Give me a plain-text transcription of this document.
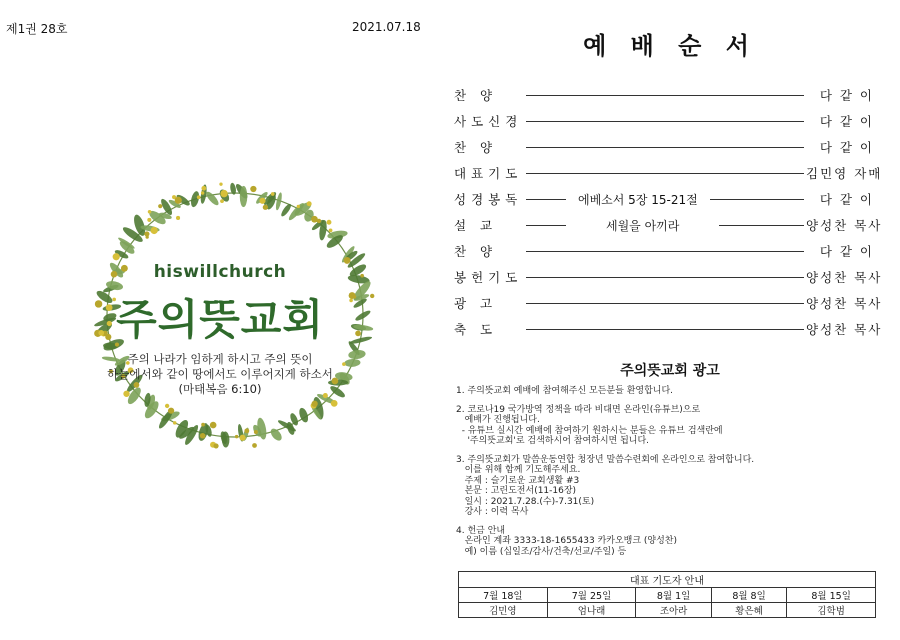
제1권 28호	2021.07.18
hiswillchurch
주의뜻교회
주의 나라가 임하게 하시고 주의 뜻이
하늘에서와 같이 땅에서도 이루어지게 하소서
(마태복음 6:10)
예 배 순 서
찬 양	다 같 이
사도신경	다 같 이
찬 양	다 같 이
대표기도	김민영 자매
성경봉독	에베소서 5장 15-21절	다 같 이
설 교	세월을 아끼라	양성찬 목사
찬 양	다 같 이
봉헌기도	양성찬 목사
광 고	양성찬 목사
축 도	양성찬 목사
주의뜻교회 광고
1. 주의뜻교회 예배에 참여해주신 모든분들 환영합니다.
2. 코로나19 국가방역 정책을 따라 비대면 온라인(유튜브)으로
예배가 진행됩니다.
- 유튜브 실시간 예배에 참여하기 원하시는 분들은 유튜브 검색란에
'주의뜻교회'로 검색하시어 참여하시면 됩니다.
3. 주의뜻교회가 말씀운동연합 청장년 말씀수련회에 온라인으로 참여합니다.
이를 위해 함께 기도해주세요.
주제 : 슬기로운 교회생활 #3
본문 : 고린도전서(11-16장)
일시 : 2021.7.28.(수)-7.31(토)
강사 : 이력 목사
4. 헌금 안내
온라인 계좌 3333-18-1655433 카카오뱅크 (양성찬)
예) 이름 (십일조/감사/건축/선교/주일) 등
대표 기도자 안내				
7월 18일	7월 25일	8월 1일	8월 8일	8월 15일
김민영	엄나래	조아라	황은혜	김학범
